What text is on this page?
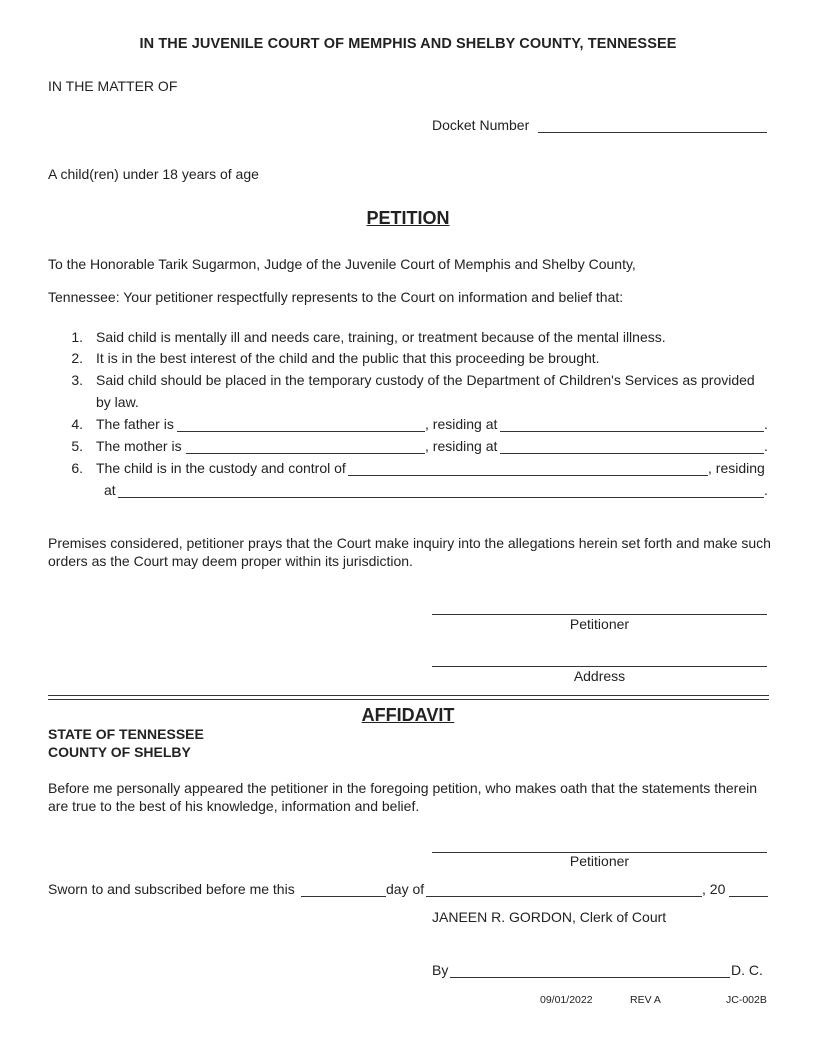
IN THE JUVENILE COURT OF MEMPHIS AND SHELBY COUNTY, TENNESSEE
IN THE MATTER OF
Docket Number
A child(ren) under 18 years of age
PETITION
To the Honorable Tarik Sugarmon, Judge of the Juvenile Court of Memphis and Shelby County,
Tennessee: Your petitioner respectfully represents to the Court on information and belief that:
1. Said child is mentally ill and needs care, training, or treatment because of the mental illness.
2. It is in the best interest of the child and the public that this proceeding be brought.
3. Said child should be placed in the temporary custody of the Department of Children's Services as provided
by law.
4. The father is	, residing at	.
5. The mother is	, residing at	.
6. The child is in the custody and control of	, residing
at	.
Premises considered, petitioner prays that the Court make inquiry into the allegations herein set forth and make such orders as the Court may deem proper within its jurisdiction.
Petitioner
Address
AFFIDAVIT
STATE OF TENNESSEE
COUNTY OF SHELBY
Before me personally appeared the petitioner in the foregoing petition, who makes oath that the statements therein are true to the best of his knowledge, information and belief.
Petitioner
Sworn to and subscribed before me this	day of	, 20
JANEEN R. GORDON, Clerk of Court
By	D. C.
09/01/2022	REV A	JC-002B
